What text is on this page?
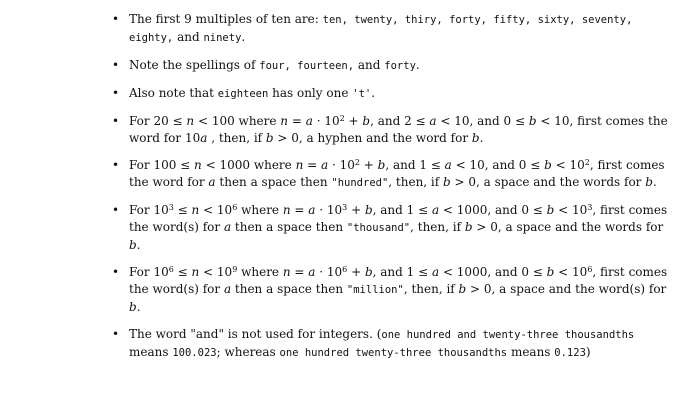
• The first 9 multiples of ten are: ten, twenty, thiry, forty, fifty, sixty, seventy, eighty, and ninety.
• Note the spellings of four, fourteen, and forty.
• Also note that eighteen has only one 't'.
• For 20 ≤ n < 100 where $n = a \cdot 10^2 + b$, and 2 ≤ a < 10, and 0 ≤ b < 10, first comes the word for 10a , then, if b > 0, a hyphen and the word for b.
• For 100 ≤ n < 1000 where $n = a \cdot 10^2 + b$, and 1 ≤ a < 10, and $0 \le b < 10^2$, first comes the word for a then a space then "hundred", then, if b > 0, a space and the words for b.
• For $10^3 \le n < 10^6$ where $n = a \cdot 10^3 + b$, and 1 ≤ a < 1000, and $0 \le b < 10^3$, first comes the word(s) for a then a space then "thousand", then, if b > 0, a space and the words for b.
• For $10^6 \le n < 10^9$ where $n = a \cdot 10^6 + b$, and 1 ≤ a < 1000, and $0 \le b < 10^6$, first comes the word(s) for a then a space then "million", then, if b > 0, a space and the word(s) for b.
• The word "and" is not used for integers. (one hundred and twenty-three thousandths means 100.023; whereas one hundred twenty-three thousandths means 0.123)
